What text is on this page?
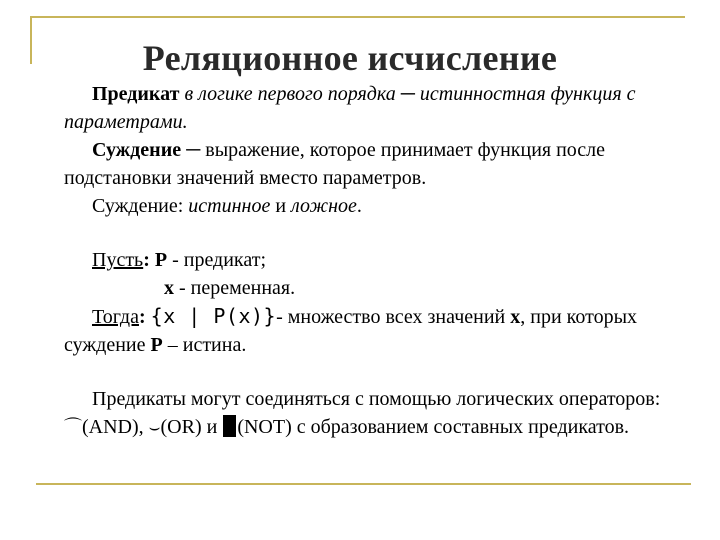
Реляционное исчисление

Предикат в логике первого порядка ─ истинностная функция с параметрами.

Суждение ─ выражение, которое принимает функция после подстановки значений вместо параметров.

Суждение: истинное и ложное.

Пусть: P - предикат;

x - переменная.

Тогда: {x | P(x)}- множество всех значений x, при которых суждение P – истина.

Предикаты могут соединяться с помощью логических операторов: ⌒(AND), ⌣(OR) и (NOT) с образованием составных предикатов.
